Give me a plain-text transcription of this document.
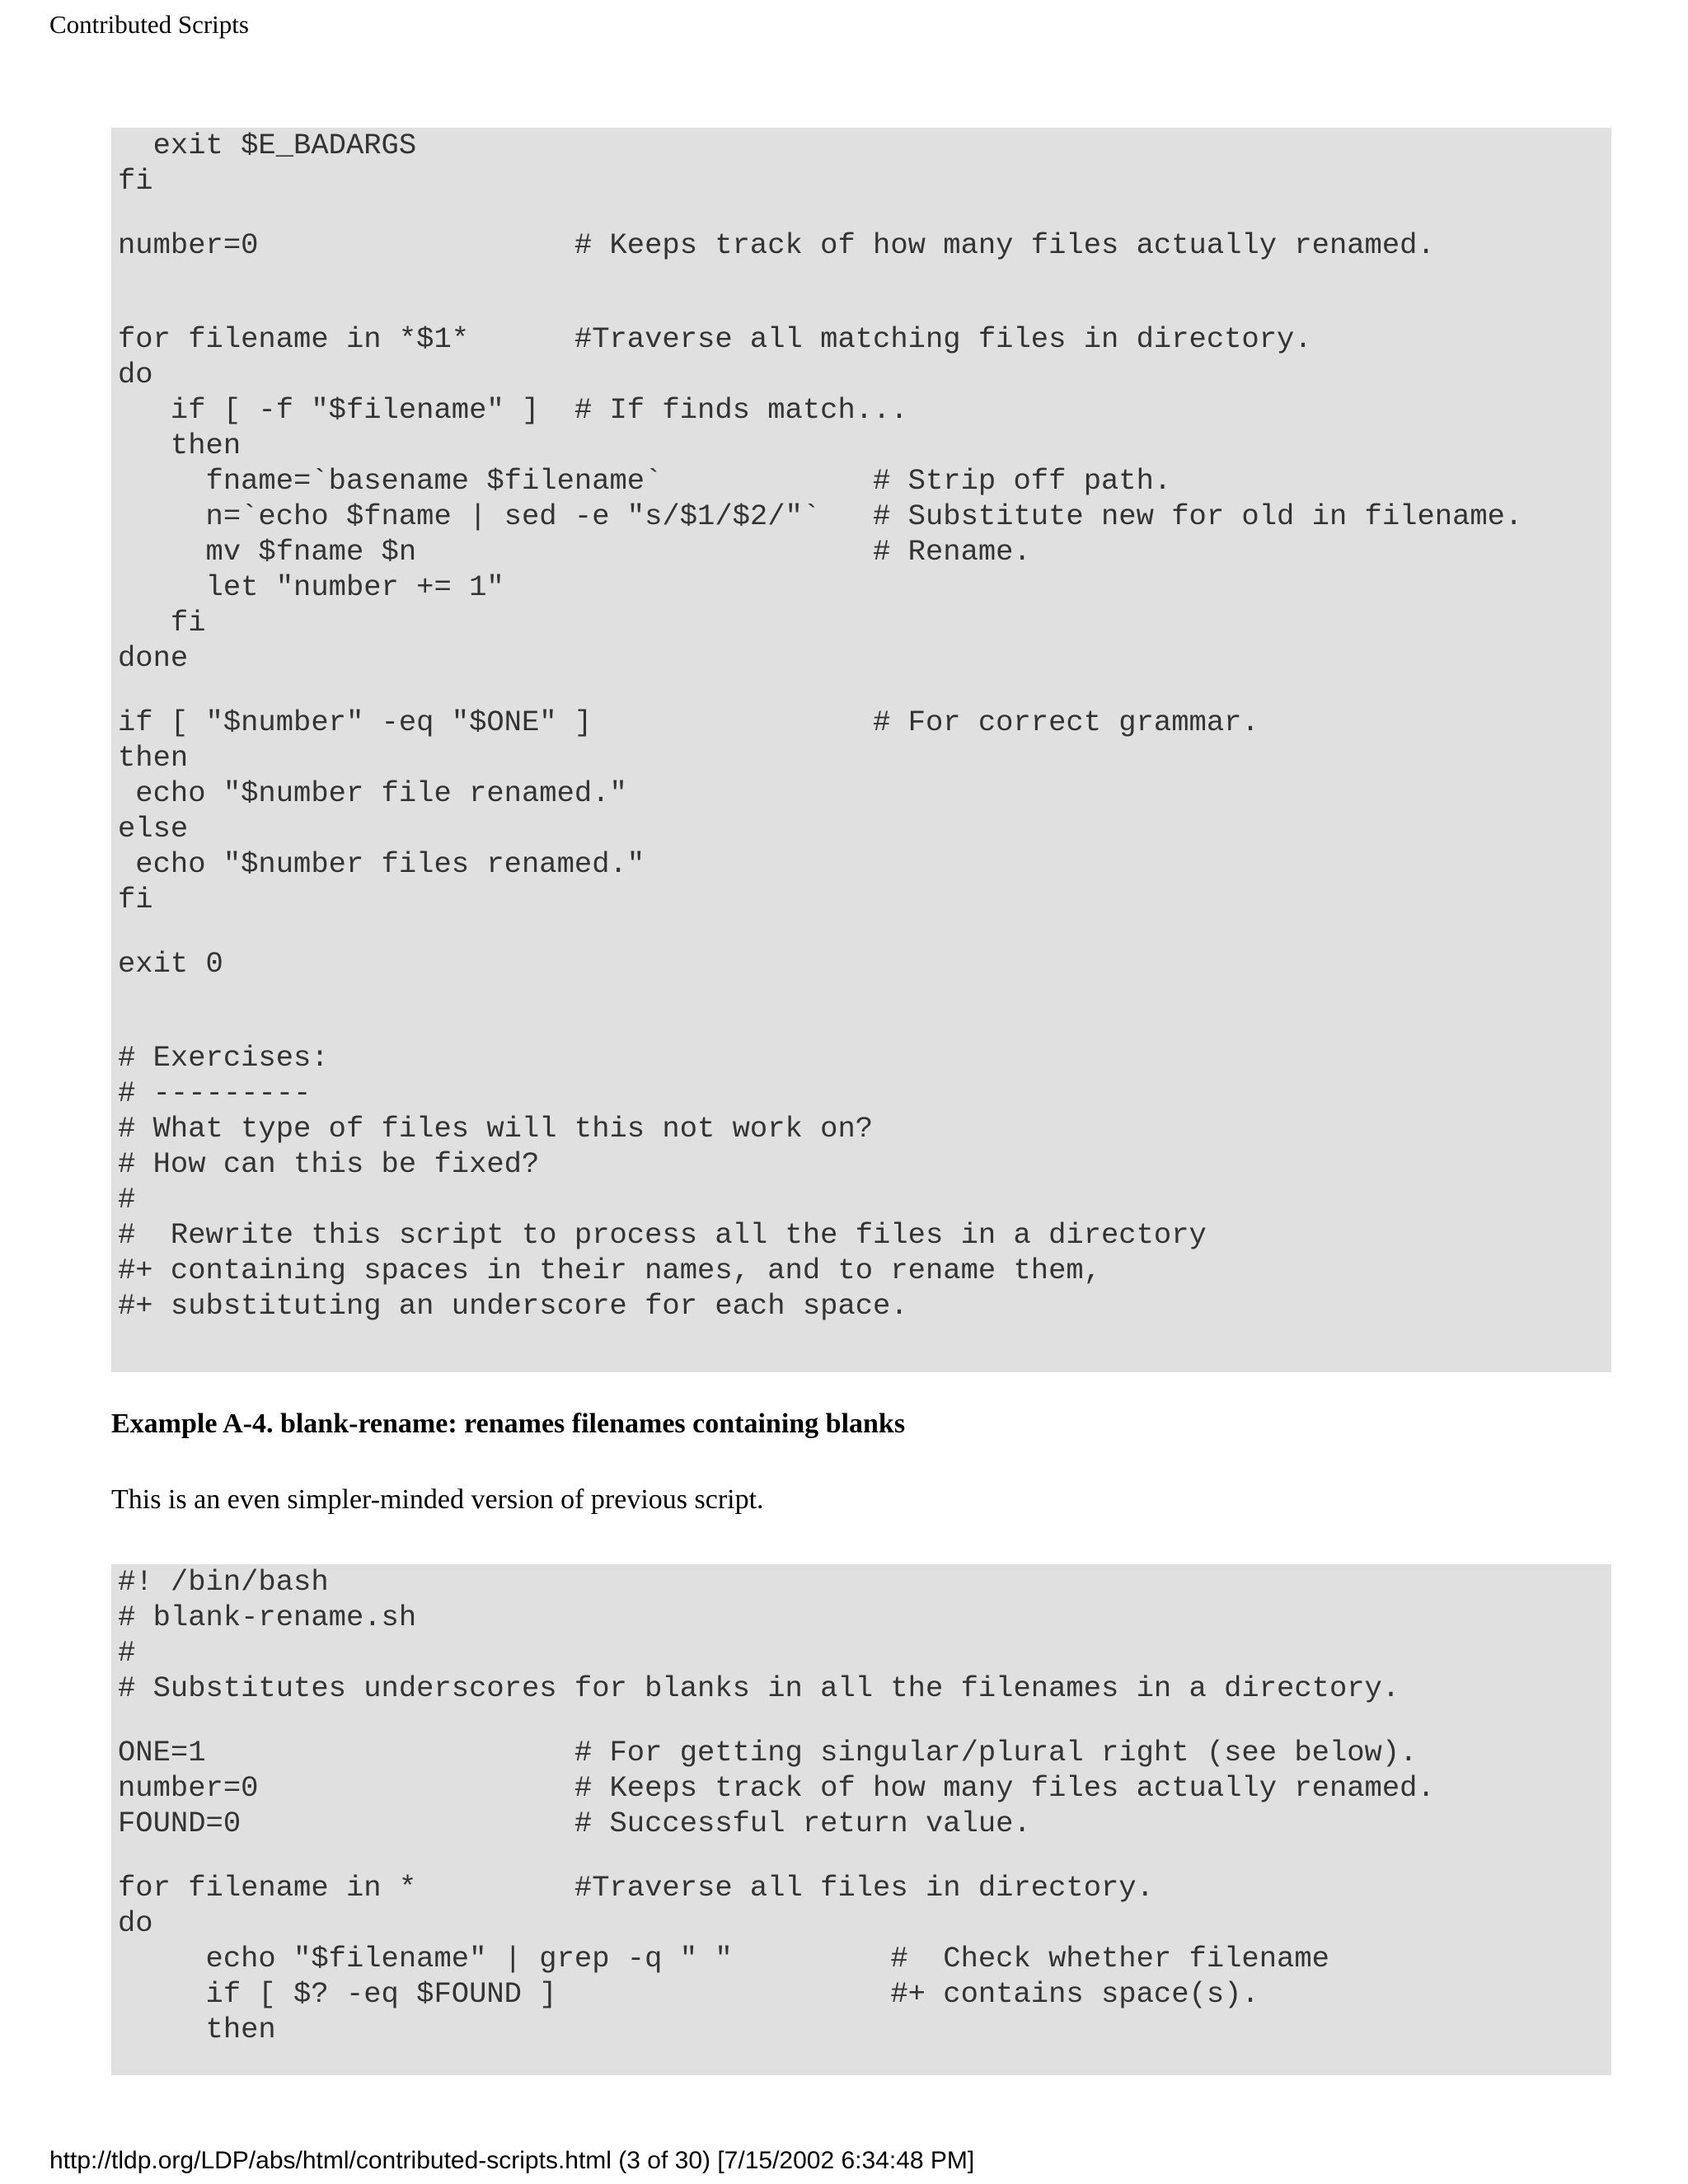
Contributed Scripts
exit $E_BADARGS
fi
number=0                  # Keeps track of how many files actually renamed.
for filename in *$1*      #Traverse all matching files in directory.
do
if [ -f "$filename" ]  # If finds match...
then
fname=`basename $filename`            # Strip off path.
n=`echo $fname | sed -e "s/$1/$2/"`   # Substitute new for old in filename.
mv $fname $n                          # Rename.
let "number += 1"
fi
done
if [ "$number" -eq "$ONE" ]                # For correct grammar.
then
echo "$number file renamed."
else
echo "$number files renamed."
fi
exit 0
# Exercises:
# ---------
# What type of files will this not work on?
# How can this be fixed?
#
#  Rewrite this script to process all the files in a directory
#+ containing spaces in their names, and to rename them,
#+ substituting an underscore for each space.
Example A-4. blank-rename: renames filenames containing blanks
This is an even simpler-minded version of previous script.
#! /bin/bash
# blank-rename.sh
#
# Substitutes underscores for blanks in all the filenames in a directory.
ONE=1                     # For getting singular/plural right (see below).
number=0                  # Keeps track of how many files actually renamed.
FOUND=0                   # Successful return value.
for filename in *         #Traverse all files in directory.
do
echo "$filename" | grep -q " "         #  Check whether filename
if [ $? -eq $FOUND ]                   #+ contains space(s).
then
http://tldp.org/LDP/abs/html/contributed-scripts.html (3 of 30) [7/15/2002 6:34:48 PM]
